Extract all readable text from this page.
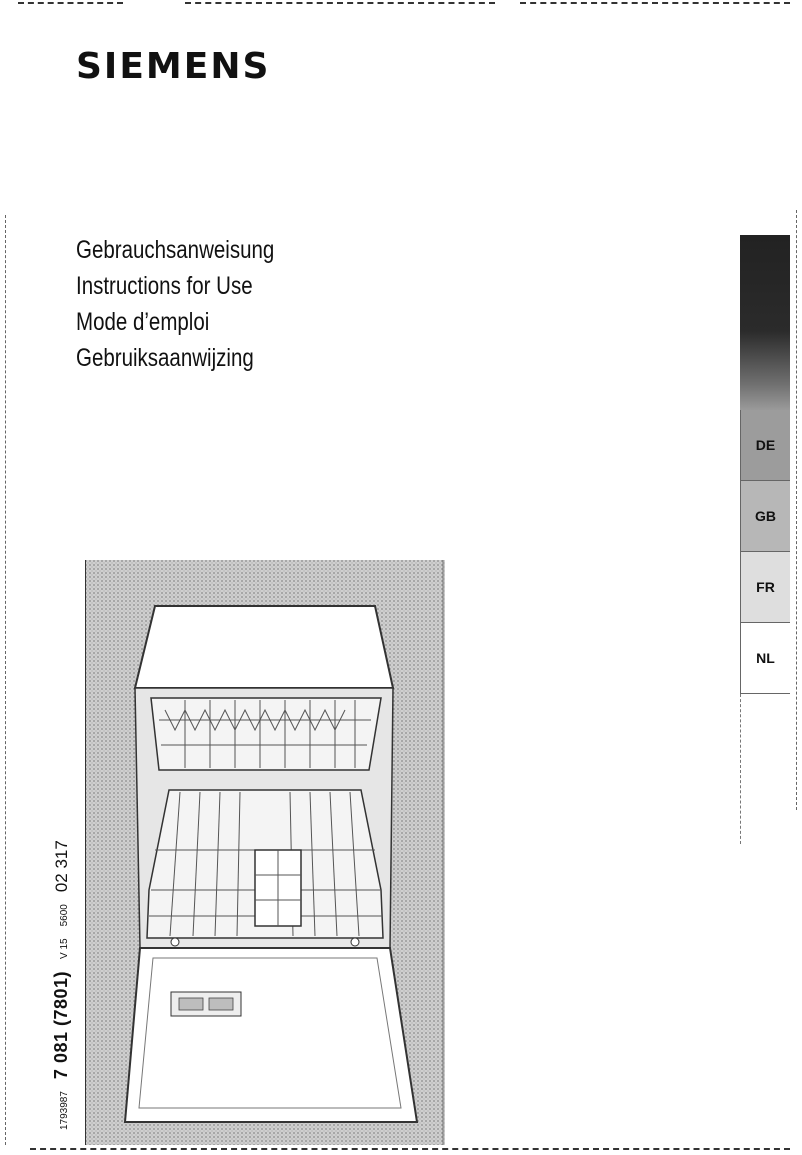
SIEMENS
Gebrauchsanweisung
Instructions for Use
Mode d’emploi
Gebruiksaanwijzing
DE
GB
FR
NL
1793987
7 081 (7801)
V 15
5600
02 317
